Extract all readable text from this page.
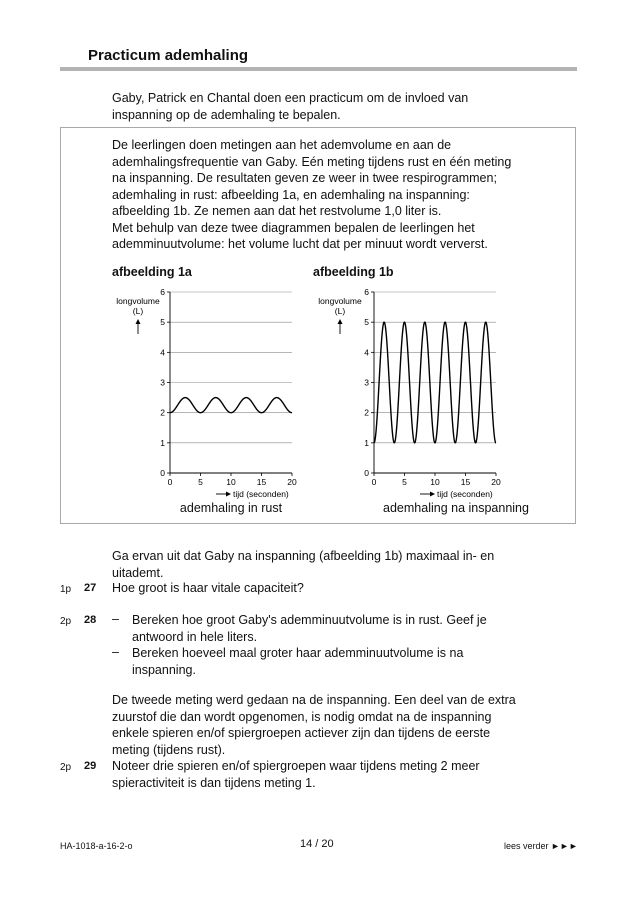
Practicum ademhaling
Gaby, Patrick en Chantal doen een practicum om de invloed van
inspanning op de ademhaling te bepalen.
De leerlingen doen metingen aan het ademvolume en aan de
ademhalingsfrequentie van Gaby. Eén meting tijdens rust en één meting
na inspanning. De resultaten geven ze weer in twee respirogrammen;
ademhaling in rust: afbeelding 1a, en ademhaling na inspanning:
afbeelding 1b. Ze nemen aan dat het restvolume 1,0 liter is.
Met behulp van deze twee diagrammen bepalen de leerlingen het
ademminuutvolume: het volume lucht dat per minuut wordt ververst.
afbeelding 1a
0
1
2
3
4
5
6
0	5	10 15 20
longvolume
(L)
tijd (seconden)
ademhaling in rust
afbeelding 1b
0
1
2
3
4
5
6
0	5	10 15 20
longvolume
(L)
tijd (seconden)
ademhaling na inspanning
Ga ervan uit dat Gaby na inspanning (afbeelding 1b) maximaal in- en
uitademt.
1p 27 Hoe groot is haar vitale capaciteit?
2p 28 – Bereken hoe groot Gaby's ademminuutvolume is in rust. Geef je
antwoord in hele liters.
– Bereken hoeveel maal groter haar ademminuutvolume is na
inspanning.
De tweede meting werd gedaan na de inspanning. Een deel van de extra
zuurstof die dan wordt opgenomen, is nodig omdat na de inspanning
enkele spieren en/of spiergroepen actiever zijn dan tijdens de eerste
meting (tijdens rust).
2p 29 Noteer drie spieren en/of spiergroepen waar tijdens meting 2 meer
spieractiviteit is dan tijdens meting 1.
HA-1018-a-16-2-o	14 / 20	lees verder ►►►
